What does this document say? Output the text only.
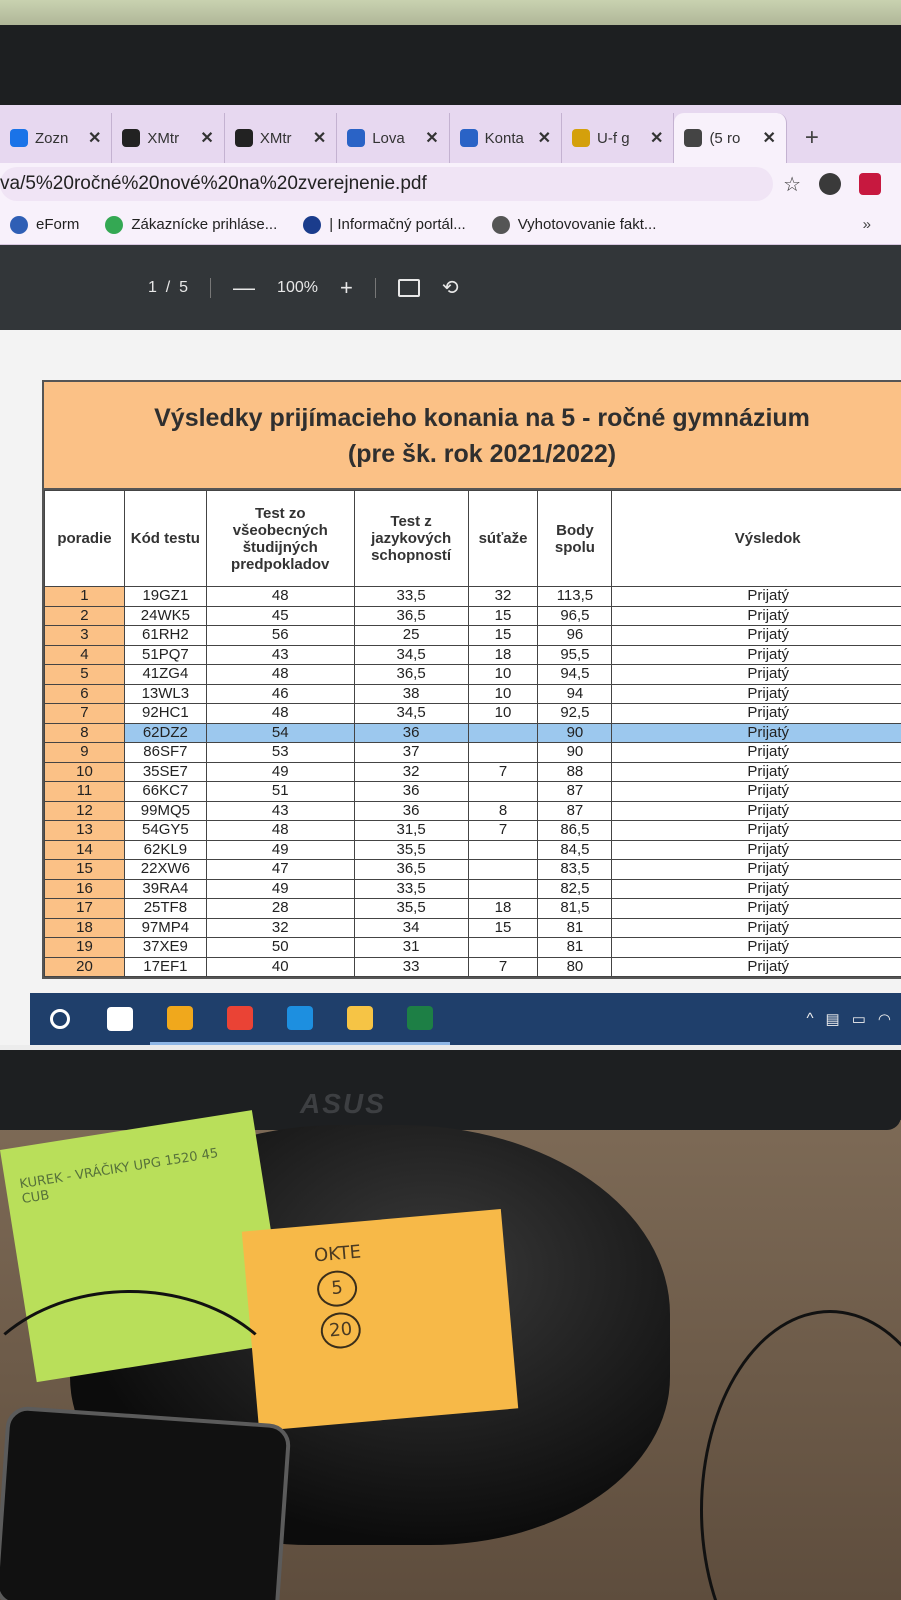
ASUS
Zozn	✕	XMtr	✕	XMtr	✕	Lova	✕	Konta ✕	U-f g	✕	(5 ro	✕	+
va/5%20ročné%20nové%20na%20zverejnenie.pdf	☆
eForm	Zákaznícke prihláse...	| Informačný portál...	Vyhotovovanie fakt...	»
1 / 5 — 100% +	⟲
Výsledky prijímacieho konania na 5 - ročné gymnázium
(pre šk. rok 2021/2022)
poradie	Kód testu	Test zo všeobecných študijných predpokladov	Test z jazykových schopností	súťaže	Body spolu	Výsledok
1	19GZ1	48	33,5	32	113,5	Prijatý
2	24WK5	45	36,5	15	96,5	Prijatý
3	61RH2	56	25	15	96	Prijatý
4	51PQ7	43	34,5	18	95,5	Prijatý
5	41ZG4	48	36,5	10	94,5	Prijatý
6	13WL3	46	38	10	94	Prijatý
7	92HC1	48	34,5	10	92,5	Prijatý
8	62DZ2	54	36		90	Prijatý
9	86SF7	53	37		90	Prijatý
10	35SE7	49	32	7	88	Prijatý
11	66KC7	51	36		87	Prijatý
12	99MQ5	43	36	8	87	Prijatý
13	54GY5	48	31,5	7	86,5	Prijatý
14	62KL9	49	35,5		84,5	Prijatý
15	22XW6	47	36,5		83,5	Prijatý
16	39RA4	49	33,5		82,5	Prijatý
17	25TF8	28	35,5	18	81,5	Prijatý
18	97MP4	32	34	15	81	Prijatý
19	37XE9	50	31		81	Prijatý
20	17EF1	40	33	7	80	Prijatý
^ ▤ ▭ ◠
KUREK - VRÁČIKY UPG 1520 45 CUB
OKTE
5
20
